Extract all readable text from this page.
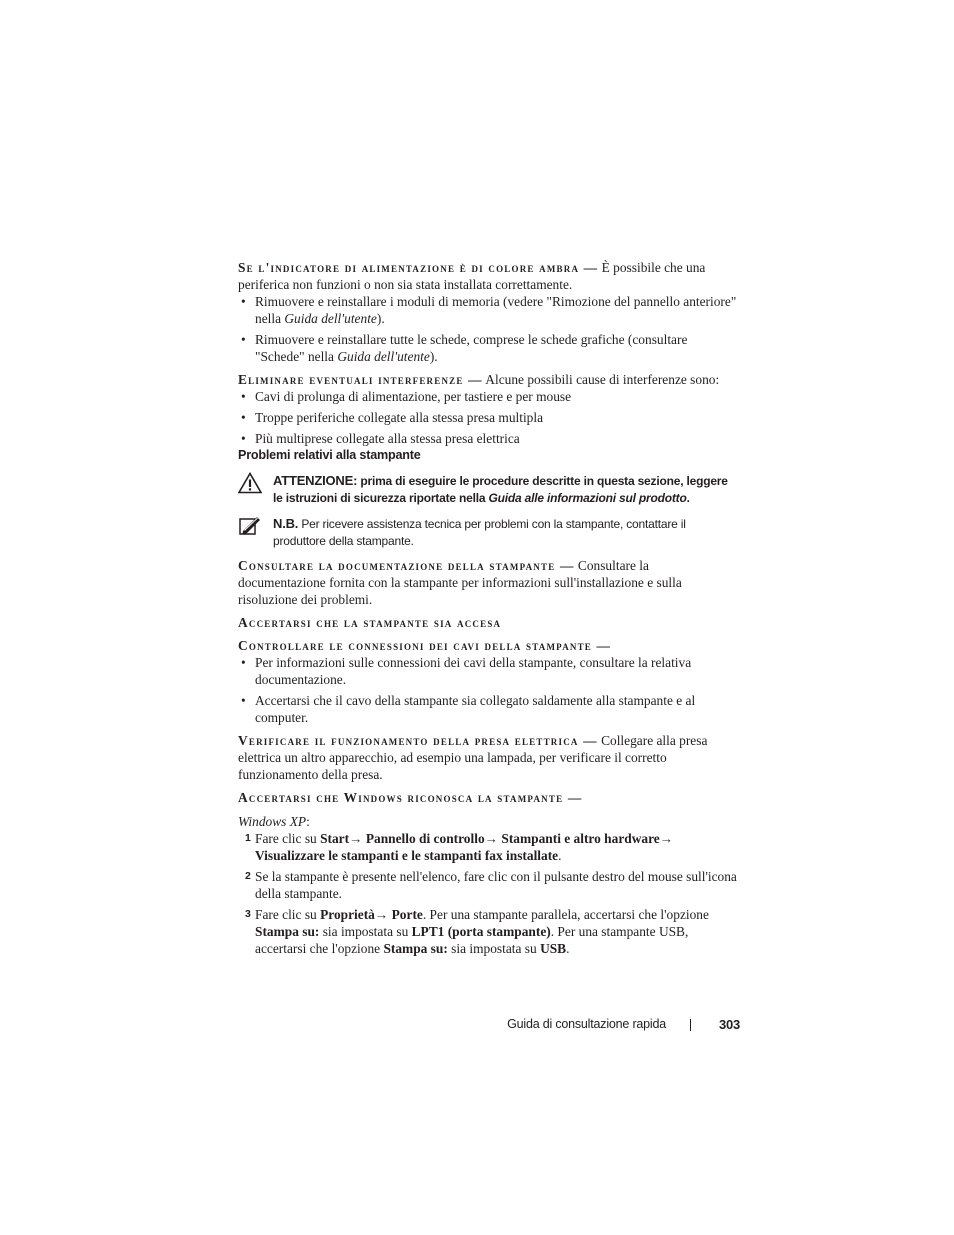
Se l'indicatore di alimentazione è di colore ambra — È possibile che una periferica non funzioni o non sia stata installata correttamente.

• Rimuovere e reinstallare i moduli di memoria (vedere "Rimozione del pannello anteriore" nella Guida dell'utente).
• Rimuovere e reinstallare tutte le schede, comprese le schede grafiche (consultare "Schede" nella Guida dell'utente).

Eliminare eventuali interferenze — Alcune possibili cause di interferenze sono:

• Cavi di prolunga di alimentazione, per tastiere e per mouse
• Troppe periferiche collegate alla stessa presa multipla
• Più multiprese collegate alla stessa presa elettrica

Problemi relativi alla stampante

ATTENZIONE: prima di eseguire le procedure descritte in questa sezione, leggere le istruzioni di sicurezza riportate nella Guida alle informazioni sul prodotto.
N.B. Per ricevere assistenza tecnica per problemi con la stampante, contattare il produttore della stampante.

Consultare la documentazione della stampante — Consultare la documentazione fornita con la stampante per informazioni sull'installazione e sulla risoluzione dei problemi.

Accertarsi che la stampante sia accesa

Controllare le connessioni dei cavi della stampante —

• Per informazioni sulle connessioni dei cavi della stampante, consultare la relativa documentazione.
• Accertarsi che il cavo della stampante sia collegato saldamente alla stampante e al computer.

Verificare il funzionamento della presa elettrica — Collegare alla presa elettrica un altro apparecchio, ad esempio una lampada, per verificare il corretto funzionamento della presa.

Accertarsi che Windows riconosca la stampante —

Windows XP:

1 Fare clic su Start→ Pannello di controllo→ Stampanti e altro hardware→ Visualizzare le stampanti e le stampanti fax installate.
2 Se la stampante è presente nell'elenco, fare clic con il pulsante destro del mouse sull'icona della stampante.
3 Fare clic su Proprietà→ Porte. Per una stampante parallela, accertarsi che l'opzione Stampa su: sia impostata su LPT1 (porta stampante). Per una stampante USB, accertarsi che l'opzione Stampa su: sia impostata su USB.
Guida di consultazione rapida	303
